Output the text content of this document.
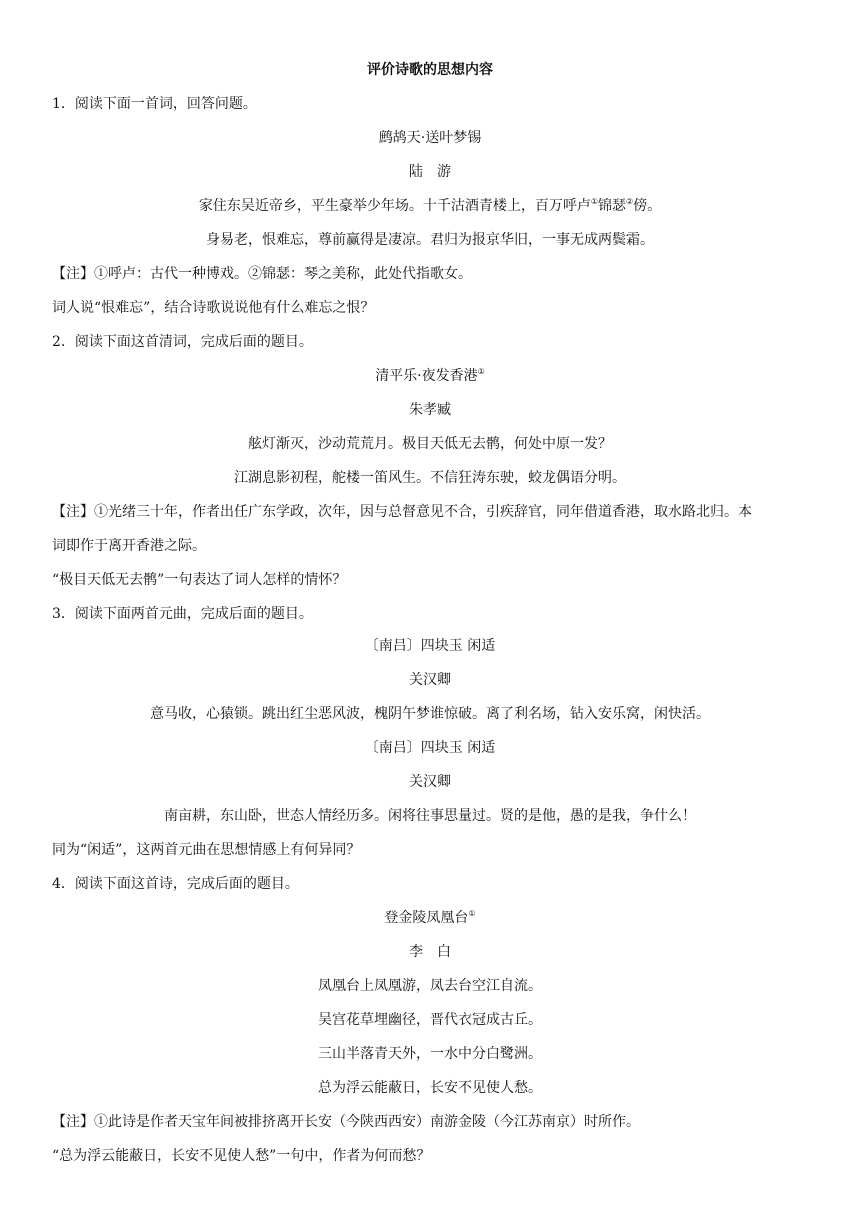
评价诗歌的思想内容
1．阅读下面一首词，回答问题。
鹧鸪天·送叶梦锡
陆　游
家住东吴近帝乡，平生豪举少年场。十千沽酒青楼上，百万呼卢①锦瑟②傍。
身易老，恨难忘，尊前赢得是凄凉。君归为报京华旧，一事无成两鬓霜。
【注】①呼卢：古代一种博戏。②锦瑟：琴之美称，此处代指歌女。
词人说“恨难忘”，结合诗歌说说他有什么难忘之恨？
2．阅读下面这首清词，完成后面的题目。
清平乐·夜发香港①
朱孝臧
舷灯渐灭，沙动荒荒月。极目天低无去鹘，何处中原一发？
江湖息影初程，舵楼一笛风生。不信狂涛东驶，蛟龙偶语分明。
【注】①光绪三十年，作者出任广东学政，次年，因与总督意见不合，引疾辞官，同年借道香港，取水路北归。本
词即作于离开香港之际。
“极目天低无去鹘”一句表达了词人怎样的情怀？
3．阅读下面两首元曲，完成后面的题目。
〔南吕〕四块玉 闲适
关汉卿
意马收，心猿锁。跳出红尘恶风波，槐阴午梦谁惊破。离了利名场，钻入安乐窝，闲快活。
〔南吕〕四块玉 闲适
关汉卿
南亩耕，东山卧，世态人情经历多。闲将往事思量过。贤的是他，愚的是我，争什么！
同为“闲适”，这两首元曲在思想情感上有何异同？
4．阅读下面这首诗，完成后面的题目。
登金陵凤凰台①
李　白
凤凰台上凤凰游，凤去台空江自流。
吴宫花草埋幽径，晋代衣冠成古丘。
三山半落青天外，一水中分白鹭洲。
总为浮云能蔽日，长安不见使人愁。
【注】①此诗是作者天宝年间被排挤离开长安（今陕西西安）南游金陵（今江苏南京）时所作。
“总为浮云能蔽日，长安不见使人愁”一句中，作者为何而愁？
